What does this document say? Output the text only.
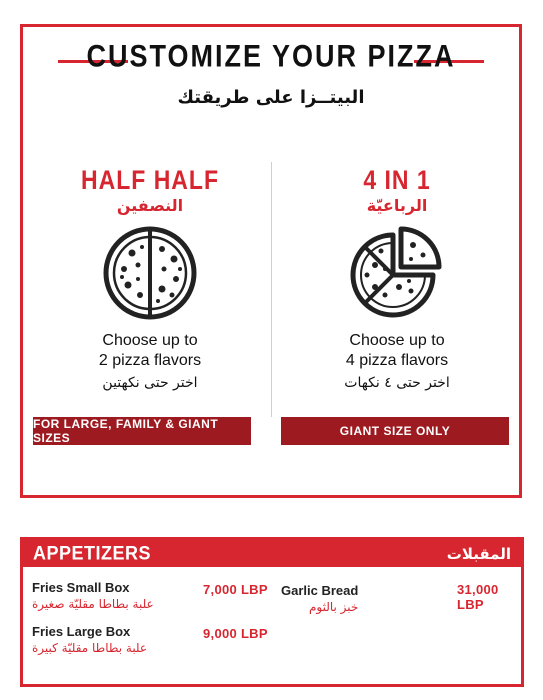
CUSTOMIZE YOUR PIZZA
البيتــزا على طريقتك
HALF HALF
النصفين
Choose up to
2 pizza flavors
اختر حتى نكهتين
4 IN 1
الرباعيّة
Choose up to
4 pizza flavors
اختر حتى ٤ نكهات
FOR LARGE, FAMILY & GIANT SIZES	GIANT SIZE ONLY
APPETIZERS	المقبلات
Fries Small Box
علبة بطاطا مقليّة صغيرة
7,000 LBP
Fries Large Box
علبة بطاطا مقليّة كبيرة
9,000 LBP
Garlic Bread
خبز بالثوم
31,000 LBP
